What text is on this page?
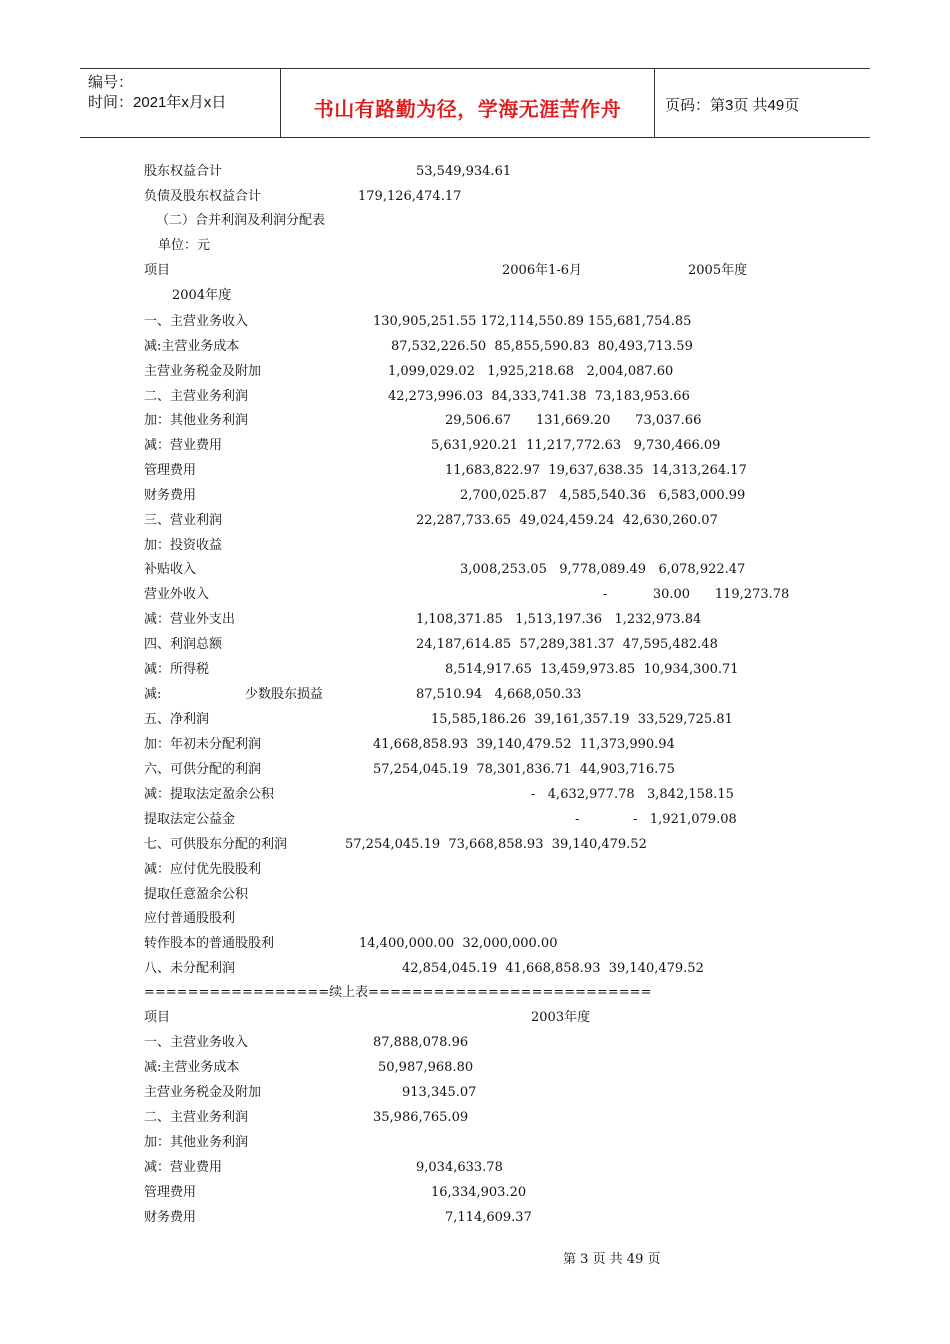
编号：
时间：2021年x月x日	书山有路勤为径，学海无涯苦作舟	页码：第3页 共49页
股东权益合计	53,549,934.61
负债及股东权益合计	179,126,474.17
（二）合并利润及利润分配表
单位：元
项目	2006年1-6月	2005年度
2004年度
一、主营业务收入	130,905,251.55 172,114,550.89 155,681,754.85
减:主营业务成本	87,532,226.50  85,855,590.83  80,493,713.59
主营业务税金及附加	1,099,029.02   1,925,218.68   2,004,087.60
二、主营业务利润	42,273,996.03  84,333,741.38  73,183,953.66
加：其他业务利润	29,506.67      131,669.20      73,037.66
减：营业费用	5,631,920.21  11,217,772.63   9,730,466.09
管理费用	11,683,822.97  19,637,638.35  14,313,264.17
财务费用	2,700,025.87   4,585,540.36   6,583,000.99
三、营业利润	22,287,733.65  49,024,459.24  42,630,260.07
加：投资收益
补贴收入	3,008,253.05   9,778,089.49   6,078,922.47
营业外收入	-           30.00      119,273.78
减：营业外支出	1,108,371.85   1,513,197.36   1,232,973.84
四、利润总额	24,187,614.85  57,289,381.37  47,595,482.48
减：所得税	8,514,917.65  13,459,973.85  10,934,300.71
减:	少数股东损益	87,510.94   4,668,050.33
五、净利润	15,585,186.26  39,161,357.19  33,529,725.81
加：年初未分配利润	41,668,858.93  39,140,479.52  11,373,990.94
六、可供分配的利润	57,254,045.19  78,301,836.71  44,903,716.75
减：提取法定盈余公积	-   4,632,977.78   3,842,158.15
提取法定公益金	-             -   1,921,079.08
七、可供股东分配的利润	57,254,045.19  73,668,858.93  39,140,479.52
减：应付优先股股利
提取任意盈余公积
应付普通股股利
转作股本的普通股股利	14,400,000.00  32,000,000.00
八、未分配利润	42,854,045.19  41,668,858.93  39,140,479.52
=================续上表==========================
项目	2003年度
一、主营业务收入	87,888,078.96
减:主营业务成本	50,987,968.80
主营业务税金及附加	913,345.07
二、主营业务利润	35,986,765.09
加：其他业务利润
减：营业费用	9,034,633.78
管理费用	16,334,903.20
财务费用	7,114,609.37
第 3 页 共 49 页
